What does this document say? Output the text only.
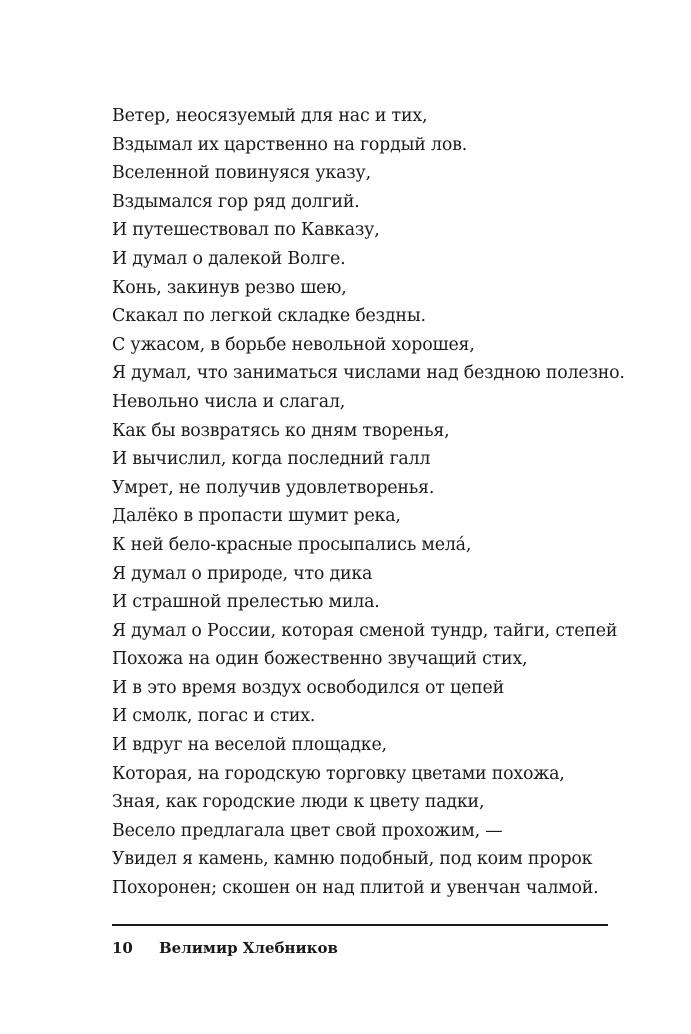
Ветер, неосязуемый для нас и тих,
Вздымал их царственно на гордый лов.
Вселенной повинуяся указу,
Вздымался гор ряд долгий.
И путешествовал по Кавказу,
И думал о далекой Волге.
Конь, закинув резво шею,
Скакал по легкой складке бездны.
С ужасом, в борьбе невольной хорошея,
Я думал, что заниматься числами над бездною полезно.
Невольно числа и слагал,
Как бы возвратясь ко дням творенья,
И вычислил, когда последний галл
Умрет, не получив удовлетворенья.
Далёко в пропасти шумит река,
К ней бело-красные просыпались мела́,
Я думал о природе, что дика
И страшной прелестью мила.
Я думал о России, которая сменой тундр, тайги, степей
Похожа на один божественно звучащий стих,
И в это время воздух освободился от цепей
И смолк, погас и стих.
И вдруг на веселой площадке,
Которая, на городскую торговку цветами похожа,
Зная, как городские люди к цвету падки,
Весело предлагала цвет свой прохожим, —
Увидел я камень, камню подобный, под коим пророк
Похоронен; скошен он над плитой и увенчан чалмой.
10	Велимир Хлебников
